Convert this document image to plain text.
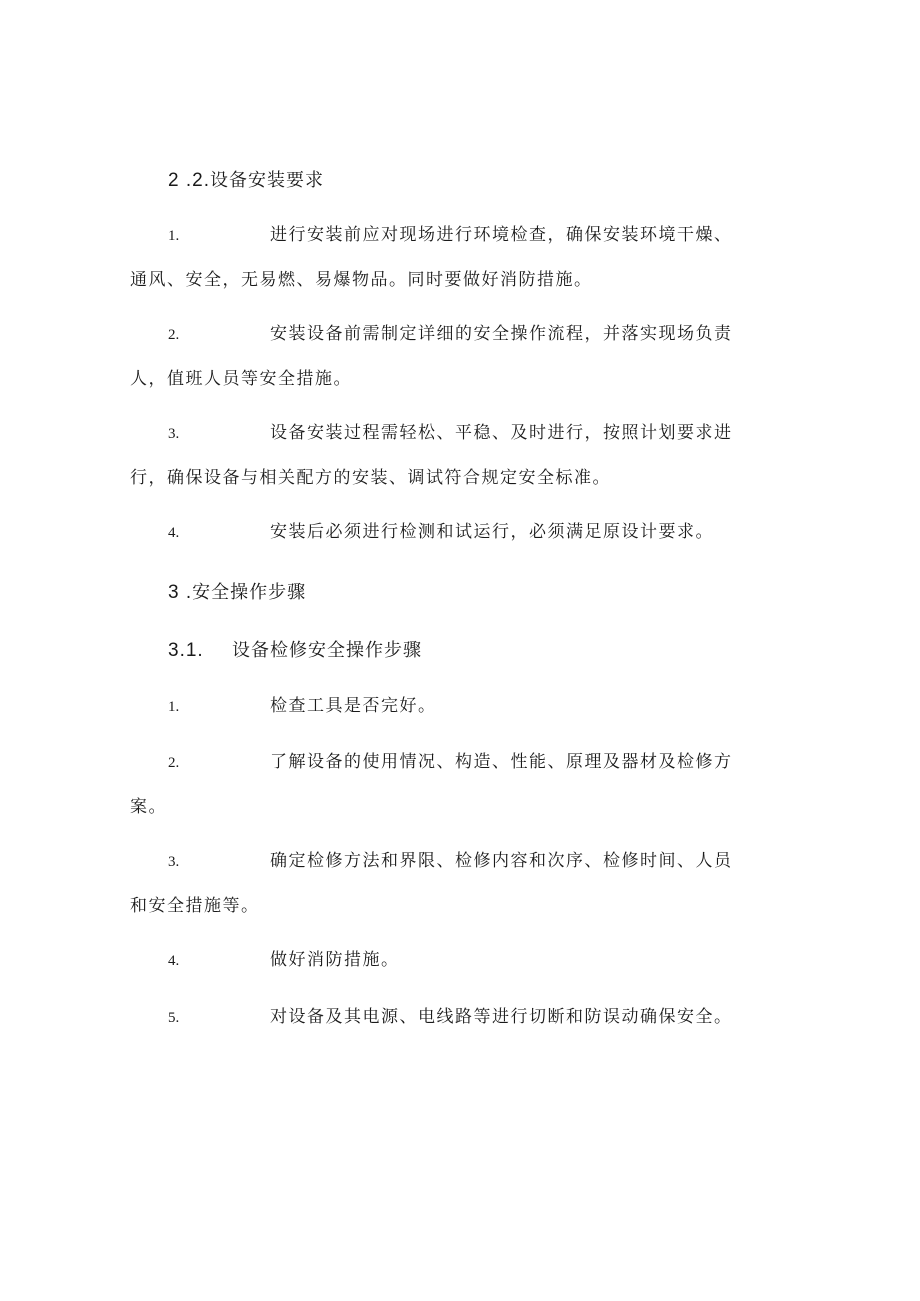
2 .2.设备安装要求
1.	进行安装前应对现场进行环境检查，确保安装环境干燥、
通风、安全，无易燃、易爆物品。同时要做好消防措施。
2.	安装设备前需制定详细的安全操作流程，并落实现场负责
人，值班人员等安全措施。
3.	设备安装过程需轻松、平稳、及时进行，按照计划要求进
行，确保设备与相关配方的安装、调试符合规定安全标准。
4.	安装后必须进行检测和试运行，必须满足原设计要求。
3 .安全操作步骤
3.1. 设备检修安全操作步骤
1.	检查工具是否完好。
2.	了解设备的使用情况、构造、性能、原理及器材及检修方
案。
3.	确定检修方法和界限、检修内容和次序、检修时间、人员
和安全措施等。
4.	做好消防措施。
5.	对设备及其电源、电线路等进行切断和防误动确保安全。
